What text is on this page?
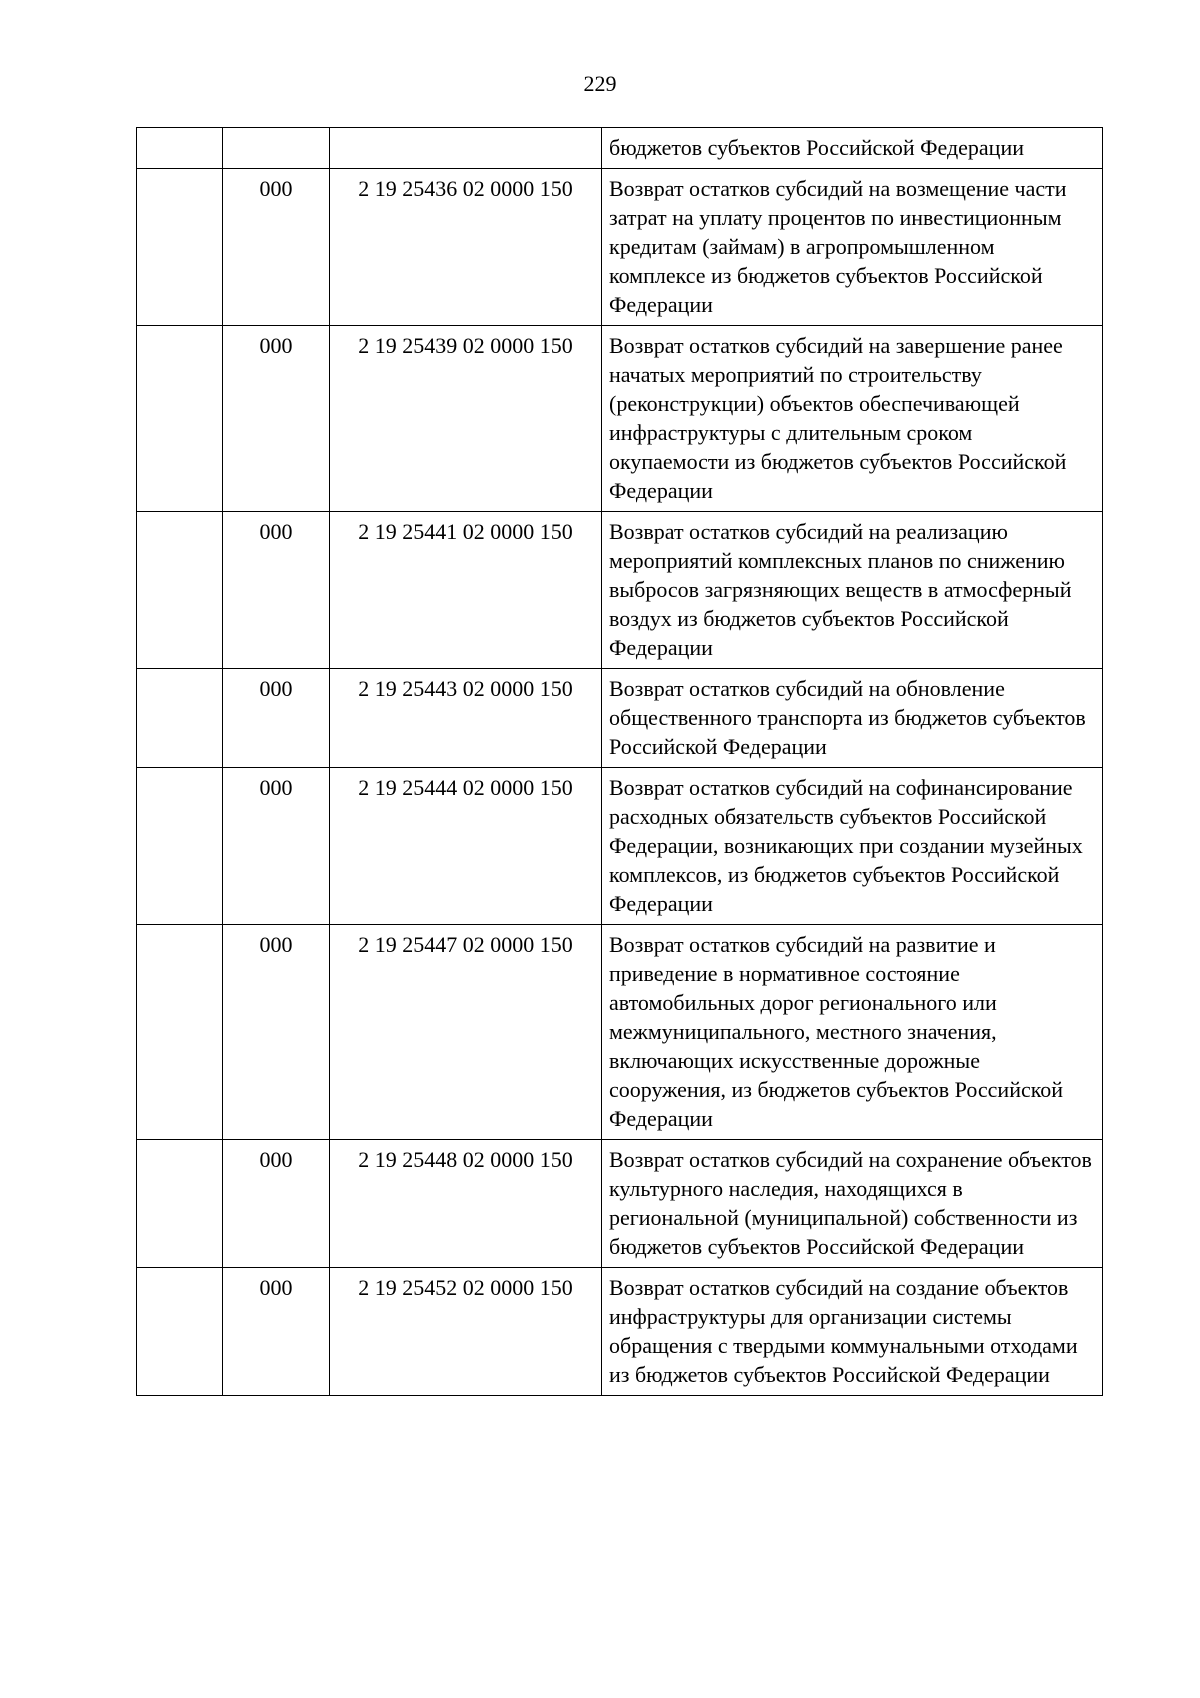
229
			бюджетов субъектов Российской Федерации
	000	2 19 25436 02 0000 150	Возврат остатков субсидий на возмещение части затрат на уплату процентов по инвестиционным кредитам (займам) в агропромышленном комплексе из бюджетов субъектов Российской Федерации
	000	2 19 25439 02 0000 150	Возврат остатков субсидий на завершение ранее начатых мероприятий по строительству (реконструкции) объектов обеспечивающей инфраструктуры с длительным сроком окупаемости из бюджетов субъектов Российской Федерации
	000	2 19 25441 02 0000 150	Возврат остатков субсидий на реализацию мероприятий комплексных планов по снижению выбросов загрязняющих веществ в атмосферный воздух из бюджетов субъектов Российской Федерации
	000	2 19 25443 02 0000 150	Возврат остатков субсидий на обновление общественного транспорта из бюджетов субъектов Российской Федерации
	000	2 19 25444 02 0000 150	Возврат остатков субсидий на софинансирование расходных обязательств субъектов Российской Федерации, возникающих при создании музейных комплексов, из бюджетов субъектов Российской Федерации
	000	2 19 25447 02 0000 150	Возврат остатков субсидий на развитие и приведение в нормативное состояние автомобильных дорог регионального или межмуниципального, местного значения, включающих искусственные дорожные сооружения, из бюджетов субъектов Российской Федерации
	000	2 19 25448 02 0000 150	Возврат остатков субсидий на сохранение объектов культурного наследия, находящихся в региональной (муниципальной) собственности из бюджетов субъектов Российской Федерации
	000	2 19 25452 02 0000 150	Возврат остатков субсидий на создание объектов инфраструктуры для организации системы обращения с твердыми коммунальными отходами из бюджетов субъектов Российской Федерации
